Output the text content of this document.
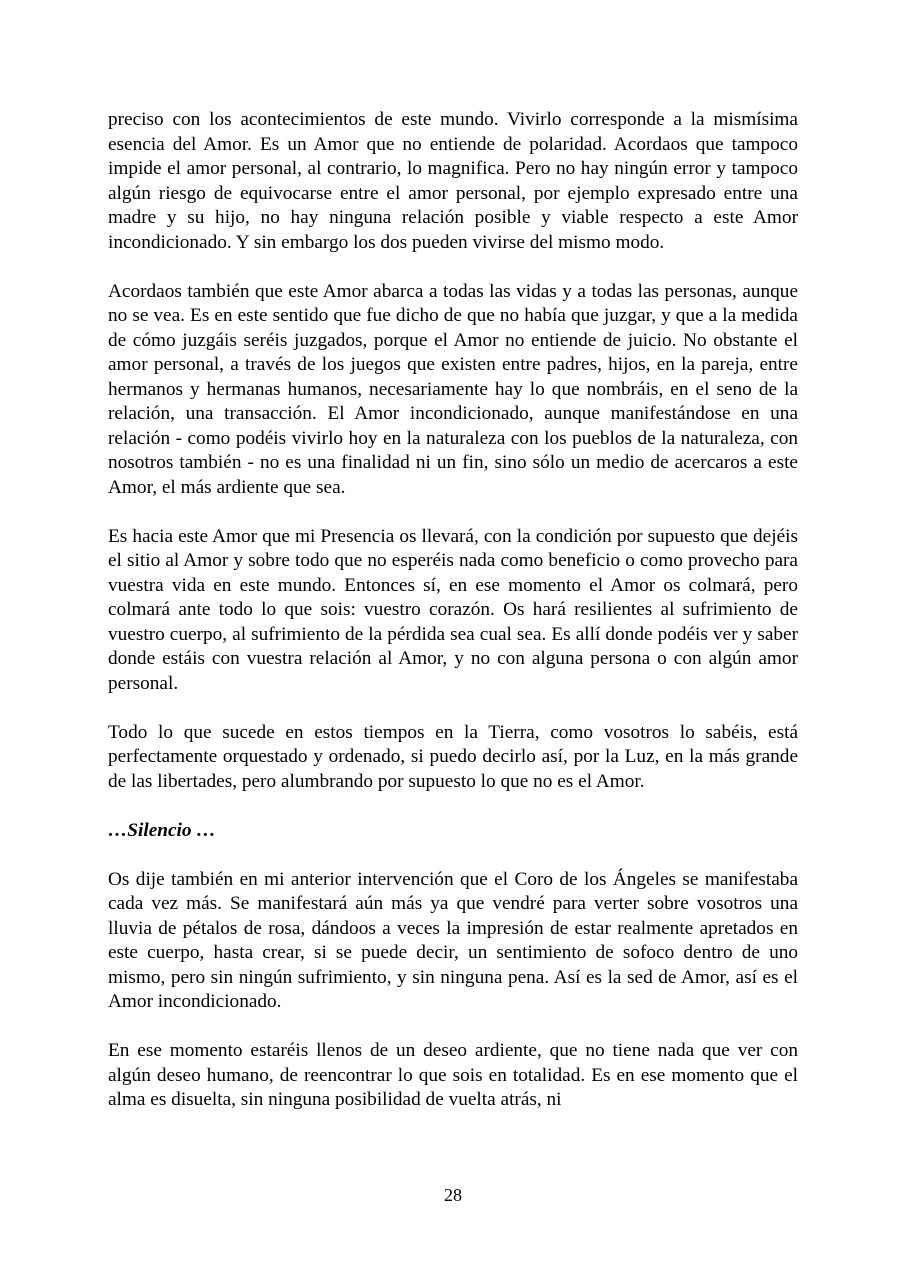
preciso con los acontecimientos de este mundo. Vivirlo corresponde a la mismísima esencia del Amor. Es un Amor que no entiende de polaridad. Acordaos que tampoco impide el amor personal, al contrario, lo magnifica. Pero no hay ningún error y tampoco algún riesgo de equivocarse entre el amor personal, por ejemplo expresado entre una madre y su hijo, no hay ninguna relación posible y viable respecto a este Amor incondicionado. Y sin embargo los dos pueden vivirse del mismo modo.

Acordaos también que este Amor abarca a todas las vidas y a todas las personas, aunque no se vea. Es en este sentido que fue dicho de que no había que juzgar, y que a la medida de cómo juzgáis seréis juzgados, porque el Amor no entiende de juicio. No obstante el amor personal, a través de los juegos que existen entre padres, hijos, en la pareja, entre hermanos y hermanas humanos, necesariamente hay lo que nombráis, en el seno de la relación, una transacción. El Amor incondicionado, aunque manifestándose en una relación - como podéis vivirlo hoy en la naturaleza con los pueblos de la naturaleza, con nosotros también - no es una finalidad ni un fin, sino sólo un medio de acercaros a este Amor, el más ardiente que sea.

Es hacia este Amor que mi Presencia os llevará, con la condición por supuesto que dejéis el sitio al Amor y sobre todo que no esperéis nada como beneficio o como provecho para vuestra vida en este mundo. Entonces sí, en ese momento el Amor os colmará, pero colmará ante todo lo que sois: vuestro corazón. Os hará resilientes al sufrimiento de vuestro cuerpo, al sufrimiento de la pérdida sea cual sea. Es allí donde podéis ver y saber donde estáis con vuestra relación al Amor, y no con alguna persona o con algún amor personal.

Todo lo que sucede en estos tiempos en la Tierra, como vosotros lo sabéis, está perfectamente orquestado y ordenado, si puedo decirlo así, por la Luz, en la más grande de las libertades, pero alumbrando por supuesto lo que no es el Amor.

…Silencio …

Os dije también en mi anterior intervención que el Coro de los Ángeles se manifestaba cada vez más. Se manifestará aún más ya que vendré para verter sobre vosotros una lluvia de pétalos de rosa, dándoos a veces la impresión de estar realmente apretados en este cuerpo, hasta crear, si se puede decir, un sentimiento de sofoco dentro de uno mismo, pero sin ningún sufrimiento, y sin ninguna pena. Así es la sed de Amor, así es el Amor incondicionado.

En ese momento estaréis llenos de un deseo ardiente, que no tiene nada que ver con algún deseo humano, de reencontrar lo que sois en totalidad. Es en ese momento que el alma es disuelta, sin ninguna posibilidad de vuelta atrás, ni

28
